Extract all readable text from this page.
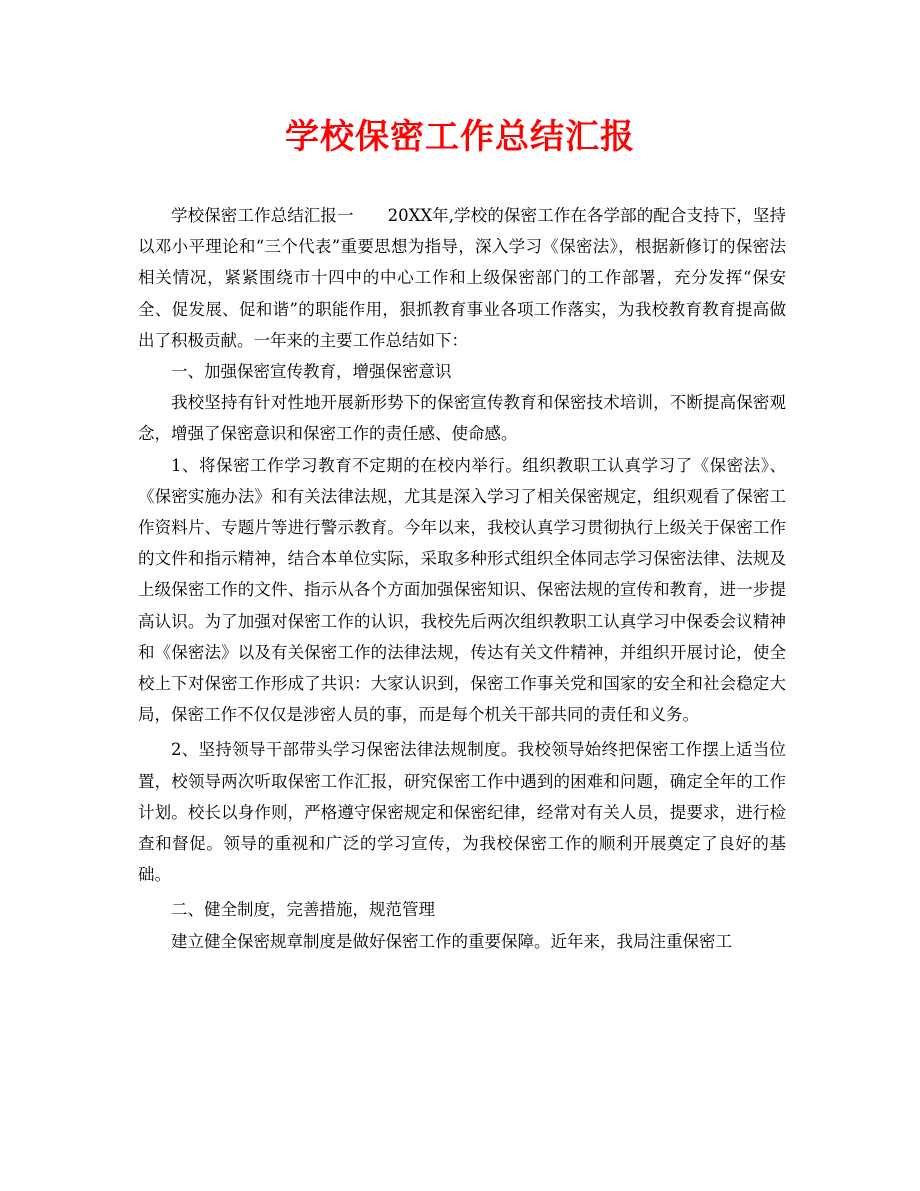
学校保密工作总结汇报

学校保密工作总结汇报一 20XX年,学校的保密工作在各学部的配合支持下，坚持以邓小平理论和“三个代表”重要思想为指导，深入学习《保密法》，根据新修订的保密法相关情况，紧紧围绕市十四中的中心工作和上级保密部门的工作部署，充分发挥“保安全、促发展、促和谐”的职能作用，狠抓教育事业各项工作落实，为我校教育教育提高做出了积极贡献。一年来的主要工作总结如下：

一、加强保密宣传教育，增强保密意识

我校坚持有针对性地开展新形势下的保密宣传教育和保密技术培训，不断提高保密观念，增强了保密意识和保密工作的责任感、使命感。

1、将保密工作学习教育不定期的在校内举行。组织教职工认真学习了《保密法》、《保密实施办法》和有关法律法规，尤其是深入学习了相关保密规定，组织观看了保密工作资料片、专题片等进行警示教育。今年以来，我校认真学习贯彻执行上级关于保密工作的文件和指示精神，结合本单位实际，采取多种形式组织全体同志学习保密法律、法规及上级保密工作的文件、指示从各个方面加强保密知识、保密法规的宣传和教育，进一步提高认识。为了加强对保密工作的认识，我校先后两次组织教职工认真学习中保委会议精神和《保密法》以及有关保密工作的法律法规，传达有关文件精神，并组织开展讨论，使全校上下对保密工作形成了共识：大家认识到，保密工作事关党和国家的安全和社会稳定大局，保密工作不仅仅是涉密人员的事，而是每个机关干部共同的责任和义务。

2、坚持领导干部带头学习保密法律法规制度。我校领导始终把保密工作摆上适当位置，校领导两次听取保密工作汇报，研究保密工作中遇到的困难和问题，确定全年的工作计划。校长以身作则，严格遵守保密规定和保密纪律，经常对有关人员，提要求，进行检查和督促。领导的重视和广泛的学习宣传，为我校保密工作的顺利开展奠定了良好的基础。

二、健全制度，完善措施，规范管理

建立健全保密规章制度是做好保密工作的重要保障。近年来，我局注重保密工
